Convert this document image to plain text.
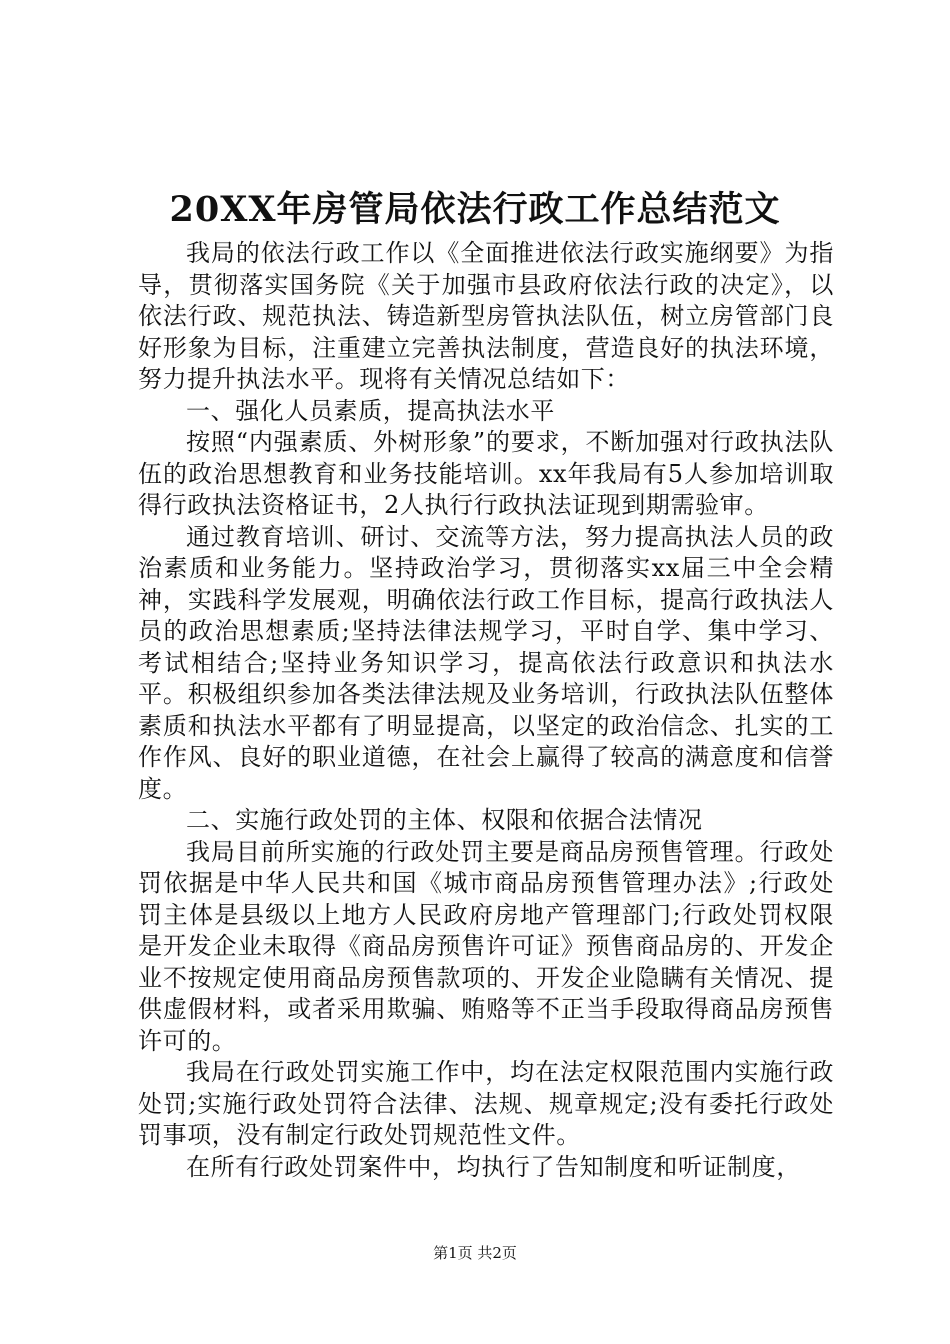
20XX年房管局依法行政工作总结范文

我局的依法行政工作以《全面推进依法行政实施纲要》为指导，贯彻落实国务院《关于加强市县政府依法行政的决定》，以依法行政、规范执法、铸造新型房管执法队伍，树立房管部门良好形象为目标，注重建立完善执法制度，营造良好的执法环境，努力提升执法水平。现将有关情况总结如下：

一、强化人员素质，提高执法水平

按照“内强素质、外树形象”的要求，不断加强对行政执法队伍的政治思想教育和业务技能培训。xx年我局有5人参加培训取得行政执法资格证书，2人执行行政执法证现到期需验审。

通过教育培训、研讨、交流等方法，努力提高执法人员的政治素质和业务能力。坚持政治学习，贯彻落实xx届三中全会精神，实践科学发展观，明确依法行政工作目标，提高行政执法人员的政治思想素质;坚持法律法规学习，平时自学、集中学习、考试相结合;坚持业务知识学习，提高依法行政意识和执法水平。积极组织参加各类法律法规及业务培训，行政执法队伍整体素质和执法水平都有了明显提高，以坚定的政治信念、扎实的工作作风、良好的职业道德，在社会上赢得了较高的满意度和信誉度。

二、实施行政处罚的主体、权限和依据合法情况

我局目前所实施的行政处罚主要是商品房预售管理。行政处罚依据是中华人民共和国《城市商品房预售管理办法》;行政处罚主体是县级以上地方人民政府房地产管理部门;行政处罚权限是开发企业未取得《商品房预售许可证》预售商品房的、开发企业不按规定使用商品房预售款项的、开发企业隐瞒有关情况、提供虚假材料，或者采用欺骗、贿赂等不正当手段取得商品房预售许可的。

我局在行政处罚实施工作中，均在法定权限范围内实施行政处罚;实施行政处罚符合法律、法规、规章规定;没有委托行政处罚事项，没有制定行政处罚规范性文件。

在所有行政处罚案件中，均执行了告知制度和听证制度，

第1页 共2页
